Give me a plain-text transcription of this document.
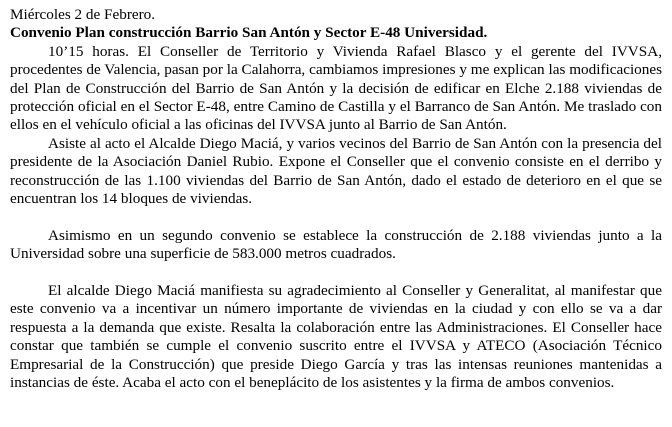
Miércoles 2 de Febrero.

Convenio Plan construcción Barrio San Antón y Sector E-48 Universidad.

10’15 horas. El Conseller de Territorio y Vivienda Rafael Blasco y el gerente del IVVSA, procedentes de Valencia, pasan por la Calahorra, cambiamos impresiones y me explican las modificaciones del Plan de Construcción del Barrio de San Antón y la decisión de edificar en Elche 2.188 viviendas de protección oficial en el Sector E-48, entre Camino de Castilla y el Barranco de San Antón. Me traslado con ellos en el vehículo oficial a las oficinas del IVVSA junto al Barrio de San Antón.

Asiste al acto el Alcalde Diego Maciá, y varios vecinos del Barrio de San Antón con la presencia del presidente de la Asociación Daniel Rubio. Expone el Conseller que el convenio consiste en el derribo y reconstrucción de las 1.100 viviendas del Barrio de San Antón, dado el estado de deterioro en el que se encuentran los 14 bloques de viviendas.

Asimismo en un segundo convenio se establece la construcción de 2.188 viviendas junto a la Universidad sobre una superficie de 583.000 metros cuadrados.

El alcalde Diego Maciá manifiesta su agradecimiento al Conseller y Generalitat, al manifestar que este convenio va a incentivar un número importante de viviendas en la ciudad y con ello se va a dar respuesta a la demanda que existe. Resalta la colaboración entre las Administraciones. El Conseller hace constar que también se cumple el convenio suscrito entre el IVVSA y ATECO (Asociación Técnico Empresarial de la Construcción) que preside Diego García y tras las intensas reuniones mantenidas a instancias de éste. Acaba el acto con el beneplácito de los asistentes y la firma de ambos convenios.
